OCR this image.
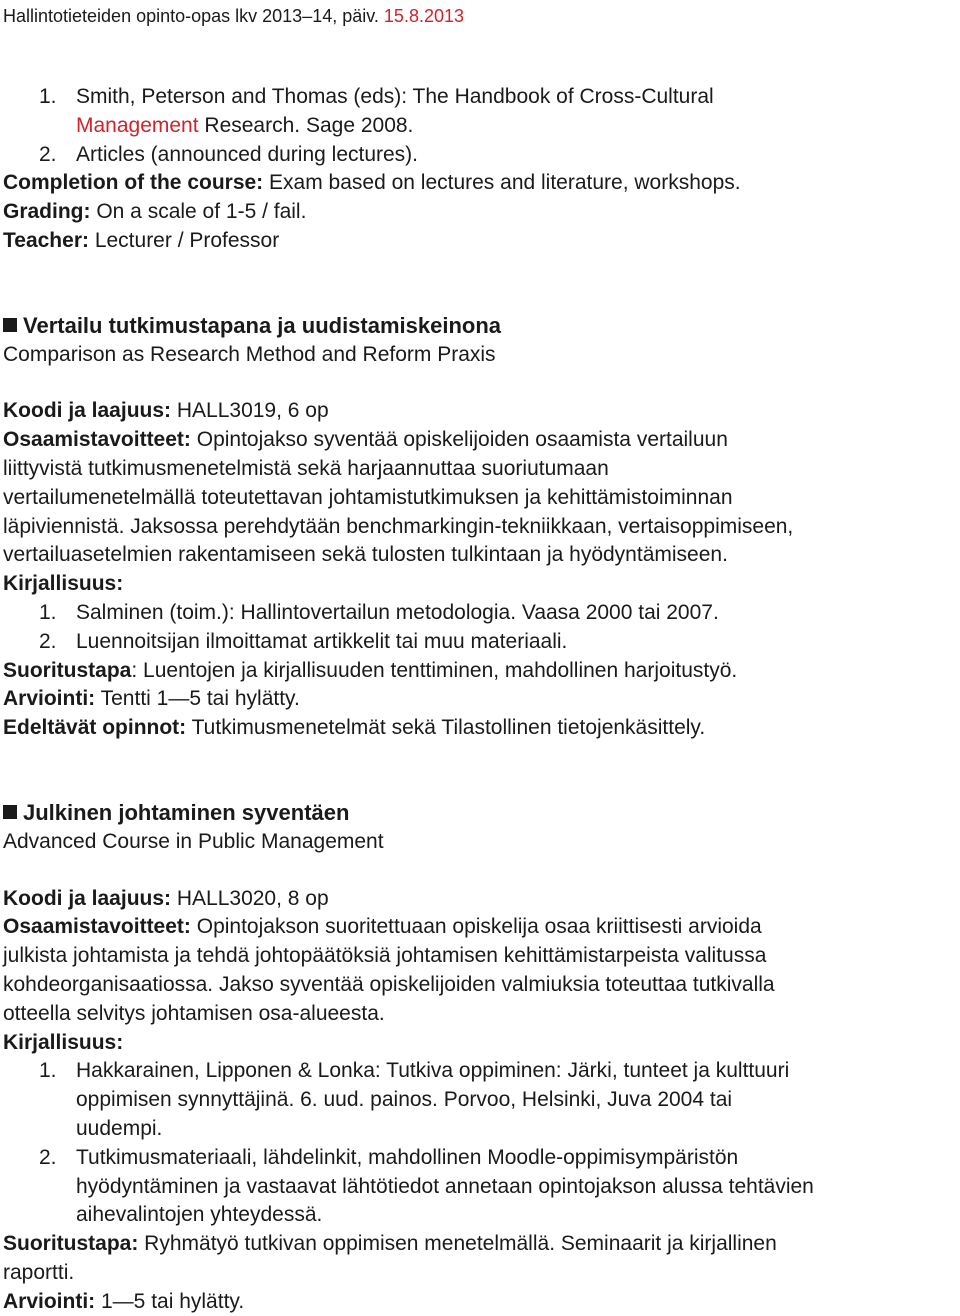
Hallintotieteiden opinto-opas lkv 2013–14, päiv. 15.8.2013
1. Smith, Peterson and Thomas (eds): The Handbook of Cross-Cultural
Management Research. Sage 2008.
2. Articles (announced during lectures).
Completion of the course: Exam based on lectures and literature, workshops.
Grading: On a scale of 1-5 / fail.
Teacher: Lecturer / Professor
Vertailu tutkimustapana ja uudistamiskeinona
Comparison as Research Method and Reform Praxis
Koodi ja laajuus: HALL3019, 6 op
Osaamistavoitteet: Opintojakso syventää opiskelijoiden osaamista vertailuun
liittyvistä tutkimusmenetelmistä sekä harjaannuttaa suoriutumaan
vertailumenetelmällä toteutettavan johtamistutkimuksen ja kehittämistoiminnan
läpiviennistä. Jaksossa perehdytään benchmarkingin-tekniikkaan, vertaisoppimiseen,
vertailuasetelmien rakentamiseen sekä tulosten tulkintaan ja hyödyntämiseen.
Kirjallisuus:
1. Salminen (toim.): Hallintovertailun metodologia. Vaasa 2000 tai 2007.
2. Luennoitsijan ilmoittamat artikkelit tai muu materiaali.
Suoritustapa: Luentojen ja kirjallisuuden tenttiminen, mahdollinen harjoitustyö.
Arviointi: Tentti 1—5 tai hylätty.
Edeltävät opinnot: Tutkimusmenetelmät sekä Tilastollinen tietojenkäsittely.
Julkinen johtaminen syventäen
Advanced Course in Public Management
Koodi ja laajuus: HALL3020, 8 op
Osaamistavoitteet: Opintojakson suoritettuaan opiskelija osaa kriittisesti arvioida
julkista johtamista ja tehdä johtopäätöksiä johtamisen kehittämistarpeista valitussa
kohdeorganisaatiossa. Jakso syventää opiskelijoiden valmiuksia toteuttaa tutkivalla
otteella selvitys johtamisen osa-alueesta.
Kirjallisuus:
1. Hakkarainen, Lipponen & Lonka: Tutkiva oppiminen: Järki, tunteet ja kulttuuri
oppimisen synnyttäjinä. 6. uud. painos. Porvoo, Helsinki, Juva 2004 tai
uudempi.
2. Tutkimusmateriaali, lähdelinkit, mahdollinen Moodle-oppimisympäristön
hyödyntäminen ja vastaavat lähtötiedot annetaan opintojakson alussa tehtävien
aihevalintojen yhteydessä.
Suoritustapa: Ryhmätyö tutkivan oppimisen menetelmällä. Seminaarit ja kirjallinen
raportti.
Arviointi: 1—5 tai hylätty.
